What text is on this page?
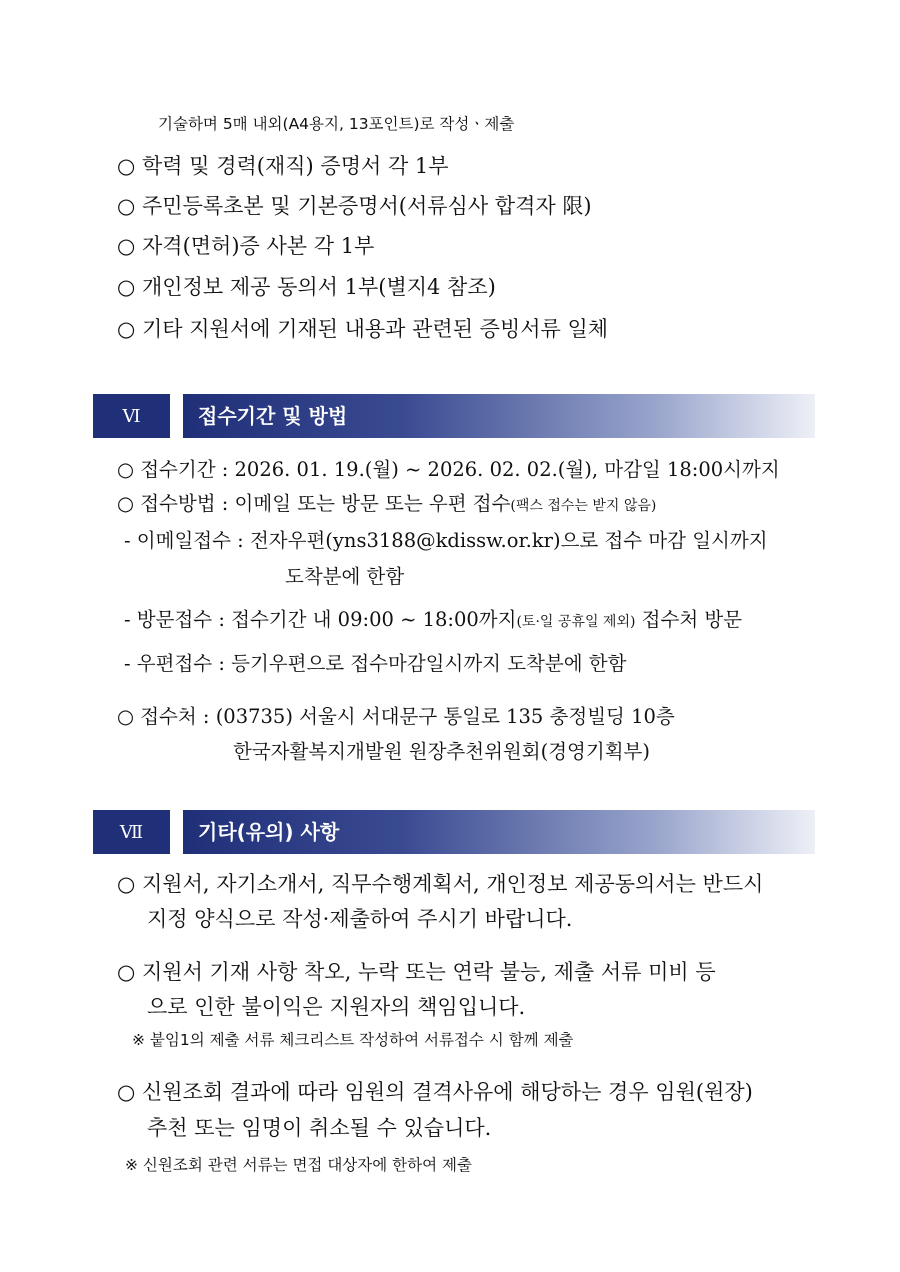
기술하며 5매 내외(A4용지, 13포인트)로 작성ㆍ제출
○ 학력 및 경력(재직) 증명서 각 1부
○ 주민등록초본 및 기본증명서(서류심사 합격자 限)
○ 자격(면허)증 사본 각 1부
○ 개인정보 제공 동의서 1부(별지4 참조)
○ 기타 지원서에 기재된 내용과 관련된 증빙서류 일체
Ⅵ	접수기간 및 방법
○ 접수기간 : 2026. 01. 19.(월) ~ 2026. 02. 02.(월), 마감일 18:00시까지
○ 접수방법 : 이메일 또는 방문 또는 우편 접수(팩스 접수는 받지 않음)
- 이메일접수 : 전자우편(yns3188@kdissw.or.kr)으로 접수 마감 일시까지
도착분에 한함
- 방문접수 : 접수기간 내 09:00 ~ 18:00까지(토·일 공휴일 제외) 접수처 방문
- 우편접수 : 등기우편으로 접수마감일시까지 도착분에 한함
○ 접수처 : (03735) 서울시 서대문구 통일로 135 충정빌딩 10층
한국자활복지개발원 원장추천위원회(경영기획부)
Ⅶ	기타(유의) 사항
○ 지원서, 자기소개서, 직무수행계획서, 개인정보 제공동의서는 반드시
지정 양식으로 작성·제출하여 주시기 바랍니다.
○ 지원서 기재 사항 착오, 누락 또는 연락 불능, 제출 서류 미비 등
으로 인한 불이익은 지원자의 책임입니다.
※ 붙임1의 제출 서류 체크리스트 작성하여 서류접수 시 함께 제출
○ 신원조회 결과에 따라 임원의 결격사유에 해당하는 경우 임원(원장)
추천 또는 임명이 취소될 수 있습니다.
※ 신원조회 관련 서류는 면접 대상자에 한하여 제출
